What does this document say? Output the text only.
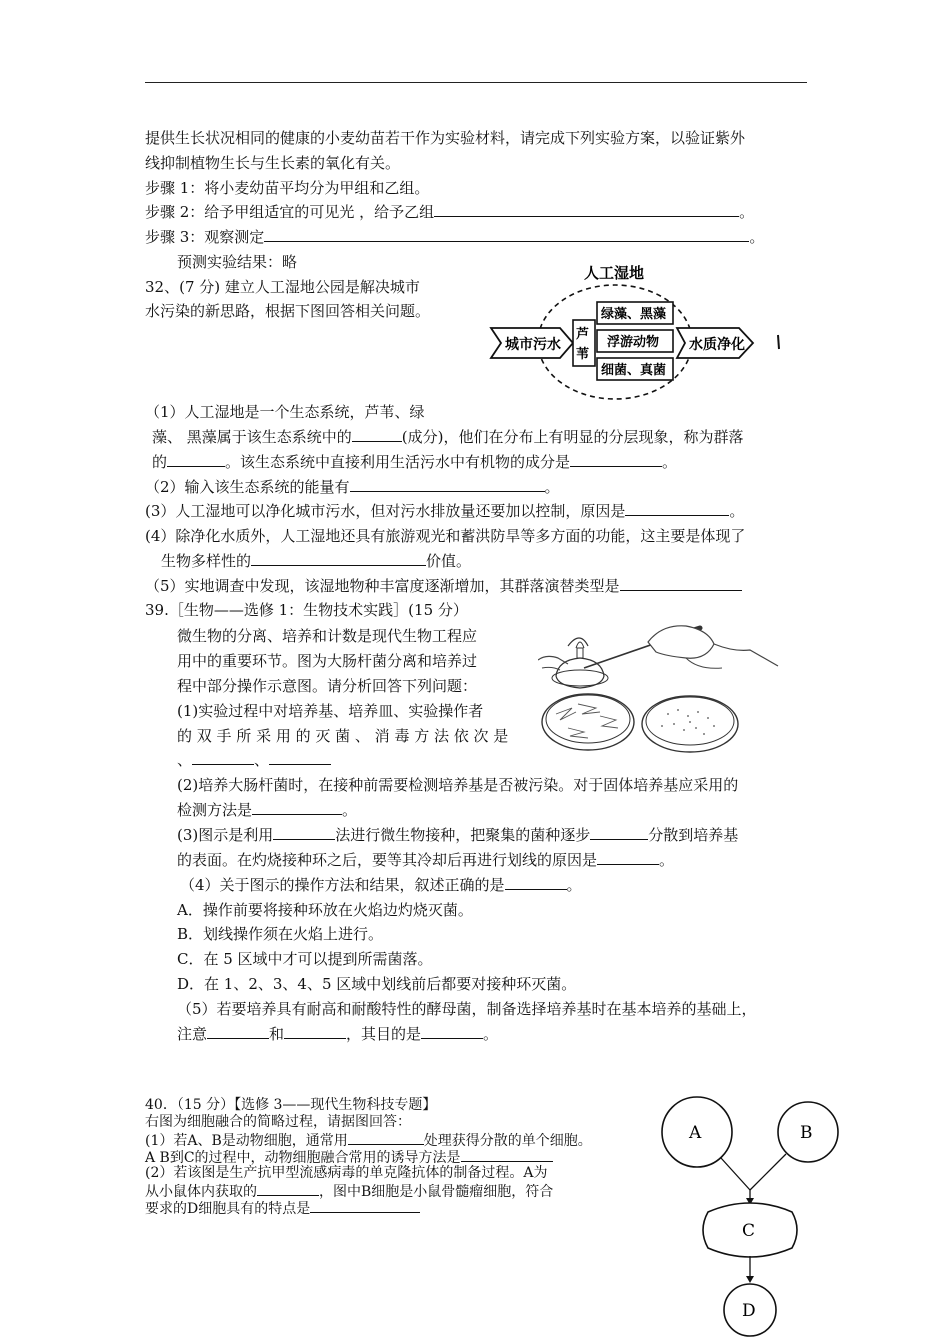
提供生长状况相同的健康的小麦幼苗若干作为实验材料，请完成下列实验方案，以验证紫外
线抑制植物生长与生长素的氧化有关。
步骤 1：将小麦幼苗平均分为甲组和乙组。
步骤 2：给予甲组适宜的可见光 ，给予乙组	。
步骤 3：观察测定	。
预测实验结果：略
32、(7 分) 建立人工湿地公园是解决城市
水污染的新思路，根据下图回答相关问题。
人工湿地
城市污水
芦
苇
绿藻、黑藻
浮游动物
细菌、真菌
水质净化
（1）人工湿地是一个生态系统，芦苇、绿
藻、 黑藻属于该生态系统中的	(成分)，他们在分布上有明显的分层现象，称为群落
的	。该生态系统中直接利用生活污水中有机物的成分是	。
（2）输入该生态系统的能量有	。
(3）人工湿地可以净化城市污水，但对污水排放量还要加以控制，原因是	。
(4）除净化水质外，人工湿地还具有旅游观光和蓄洪防旱等多方面的功能，这主要是体现了
生物多样性的	价值。
（5）实地调查中发现，该湿地物种丰富度逐渐增加，其群落演替类型是
39.［生物——选修 1：生物技术实践］(15 分）
微生物的分离、培养和计数是现代生物工程应
用中的重要环节。图为大肠杆菌分离和培养过
程中部分操作示意图。请分析回答下列问题：
(1)实验过程中对培养基、培养皿、实验操作者
的 双 手 所 采 用 的 灭 菌 、 消 毒 方 法 依 次 是
、	、
(2)培养大肠杆菌时，在接种前需要检测培养基是否被污染。对于固体培养基应采用的
检测方法是	。
(3)图示是利用	法进行微生物接种，把聚集的菌种逐步	分散到培养基
的表面。在灼烧接种环之后，要等其冷却后再进行划线的原因是	。
（4）关于图示的操作方法和结果，叙述正确的是	。
A．操作前要将接种环放在火焰边灼烧灭菌。
B．划线操作须在火焰上进行。
C．在 5 区域中才可以提到所需菌落。
D．在 1、2、3、4、5 区域中划线前后都要对接种环灭菌。
（5）若要培养具有耐高和耐酸特性的酵母菌，制备选择培养基时在基本培养的基础上，
注意	和	，其目的是	。
40．（15 分）【选修 3——现代生物科技专题】
右图为细胞融合的简略过程，请据图回答：
(1）若A、B是动物细胞，通常用	处理获得分散的单个细胞。
A B到C的过程中，动物细胞融合常用的诱导方法是
(2）若该图是生产抗甲型流感病毒的单克隆抗体的制备过程。A为
从小鼠体内获取的	，图中B细胞是小鼠骨髓瘤细胞，符合
要求的D细胞具有的特点是
A	B
C
D
